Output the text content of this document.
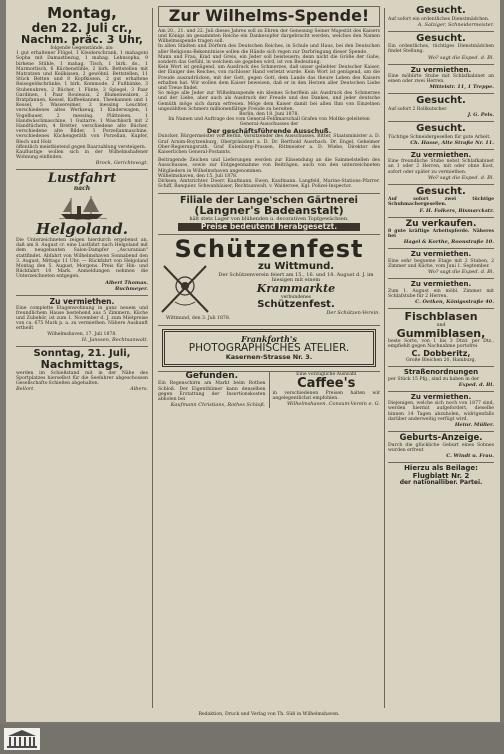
Montag,
den 22. Juli cr.,
Nachm. präc. 3 Uhr,
folgende Gegenstände, als:
1 gut erhaltener Flügel, 1 Kleiderschrank, 1 mahagoni Sopha mit Damastbezug, 1 mahag. Lehnsopha, 9 birkene Stühle, 1 mahag. Tisch, 1 birk. do., 1 Marmortisch, 6 Küchenstühle, 2 birk. Bettstellen mit Matratzen und Keilkissen, 2 gewöhnl. Bettstellen, 11 Stück Betten und 8 Kopfkissen, 2 gut erhaltene Reisegeldschränke, 1 birk. Kommode, 2 Fußbänke, 3 Stubenuhren, 2 Bücher, 1 Flinte, 3 Spiegel, 3 Paar Gardinen, 1 Paar Rouleaux, 2 Blumenwalzen, 2 Bratpfannen, Kessel, Kaffeekannen, Theekannen und 1 Kessel, 5 Wassereimer, 2 messing Leuchter, verschiedenes altes Werkzeug, 1 Kinderwagen, 1 Vogelbauer, 2 messing. Plätteisen, 1 Handwäschmaschine, 1 Guitarre, 1 Waschkorb mit 2 Handtüchern, 4 Bretter, verschiedene alte Bücher, verschiedene alte Bilder, 1 Porzellanmaschine, verschiedenes Küchengeräth von Porzellan, Kupfer, Blech und Holz
öffentlich meistbietend gegen Baarzahlung versteigern.
Kauflustige wollen sich in der Wilhelmshafener Wohnung einfinden.
Brock, Gerichtsvogt.
Lustfahrt
nach
Helgoland.
Die Unterzeichneten zeigen hierdurch ergebenst an, daß am 8. August cr. eine Lustfahrt nach Helgoland mit dem neugebauten Salon-Dampfer „Ascuranian" stattfindet. Abfahrt von Wilhelmshaven Sonnabend den 3. August, Mittags 11 Uhr. — Rückfahrt von Helgoland Montag den 5. August, Morgens. Preis für Hin- und Rückfahrt 10 Mark. Anmeldungen nehmen die Unterzeichneten entgegen.
Albert Thomas.
Buchmeyer.
Zu vermiethen.
Eine complette Etagenwohnung in ganz neuem und freundlichem Hause bestehend aus 5 Zimmern, Küche und Zubehör, ist zum 1. November d. J. zum Mietpreise von ca. 675 Mark p. a. zu vermiethen. Nähere Auskunft ertheilt
Wilhelmshaven, 17. Juli 1878.
H. Janssen, Rechtsanwalt.
Sonntag, 21. Juli,
Nachmittags,
werden im Schießstand mit in der Nähe des Sportplatzes hierselbst für die Seefahrer abgeschossen Gesellschafts-Schießen abgehalten.
Bellort.	Albers.
Zur Wilhelms-Spende!
Am 20., 21. und 22. Juli dieses Jahres soll zu Ehren der Genesung Seiner Majestät des Kaisers und Königs im gesammten Reiche ein Dankesopfer dargebracht werden, welches den Namen Wilhelmsspende tragen soll.
In allen Städten und Dörfern des Deutschen Reiches, in Schule und Haus, bei den Deutschen aller Religions-Bekenntnisse sollen die Hände sich regen zur Darbringung dieser Spende.
Mann und Frau, Kind und Greis, ein Jeder soll beisteuern; denn nicht die Größe der Gabe, sondern das Gefühl, in welchem sie gegeben wird, ist von Bedeutung.
Kein Wort ist genügend, um Ausdruck des Schmerzes, daß unser geliebter Deutscher Kaiser, der Einiger des Reiches, von ruchloser Hand verletzt wurde. Kein Wort ist genügend, um die Freude auszudrücken, mit der Gott, gegen Gott, dem Lande das theure Leben des Kaisers erhalten hat. Wir wollen dem Kaiser beweisen, daß er in den Herzen aller Deutschen Liebe und Treue findet.
So möge alle Jeder zur Wilhelmsspende ein kleines Scherflein als Ausdruck des Schmerzes und der Liebe, aber auch als Ausdruck der Freude und des Dankes, und jeder deutsche Gemüth möge sich daran erfreuen. Möge dem Kaiser damit bei allen Ihm von Einzelnen ungezählten Schmerz millionenfältige Freude zu bereiten.
Berlin, den 18. Juni 1878.
Im Namen und Auftrage des vom General-Feldmarschall Grafen von Moltke geleiteten General-Ausschusses der
Der geschäftsführende Ausschuß.
Duncker, Bürgermeister von Berlin, Vorsitzender des Ausschusses. Bitter, Staatsminister a. D. Graf Arnim-Boytzenburg, Oberpräsident a. D. Dr. Berthold Auerbach. Dr. Engel, Geheimer Ober-Regierungsrath. Graf Eulenburg-Prassen, Rittmeister a. D. Wiebe, Direktor des Kaiserlichen General-Postamts.
Beitragende Zeichen und Lieferungen werden zur Einsendung an die Sammelstellen des Ausschusses, sowie zur Entgegennahme von Beiträgen, auch von den unterzeichneten Mitgliedern in Wilhelmshaven angenommen.
Wilhelmshaven, den 15. Juli 1878.
Dirksen, Amtsrichter. Doerr, Kaufmann. Ewen, Kaufmann. Langfeld, Marine-Stations-Pfarrer. Schiff, Banquier. Schwanhäuser, Rechtsanwalt. v. Waldersee, Kgl. Polizei-Inspector.
Filiale der Lange'schen Gärtnerei
(Langner's Badeanstalt)
hält stets Lager von blühenden u. decorativen Topfgewächsen.
Preise bedeutend herabgesetzt.
Schützenfest
zu Wittmund.
Der Schützenverein feiert am 15., 16. und 18. August d. J. im hiesigen mit einem
Krammarkte
verbundenes
Schützenfest.
Der Schützen-Verein.
Wittmund, den 3. Juli 1878.
Frankforth's
PHOTOGRAPHISCHES ATELIER.
Kasernen-Strasse Nr. 3.
Gefunden.
Ein Regenschirm am Markt beim Rothen Schloß. Der Eigenthümer kann denselben gegen Erstattung der Insertionskosten abholen bei
Kaufmann Christians, Rothes Schloß.
Eine vorzügliche Auswahl
Caffee's
in verschiedenen Preisen halten wir angelegentlichst empfohlen.
Wilhelmshaven. Consum-Verein e. G.
Gesucht.
Auf sofort ein ordentliches Dienstmädchen.
A. Salziger, Schneidermeister.
Gesucht.
Ein ordentliches, tüchtiges Dienstmädchen findet Stellung.
Wo? sagt die Exped. d. Bl.
Zu vermiethen.
Eine möblirte Stube mit Schlafkabinet an einen oder zwei Herren.
Mittelstr. 11, 1 Treppe.
Gesucht.
Auf sofort 2 Rollkutscher.
J. G. Pels.
Gesucht.
Tüchtige Schneidergesellen für gute Arbeit.
Ch. Hasse, Alte Straße Nr. 11.
Zu vermiethen.
Eine freundliche Stube nebst Schlafkabinet an 1 oder 2 Herren, mit oder ohne Kost, sofort oder später zu vermiethen.
Wo? sagt die Exped. d. Bl.
Gesucht.
Auf sofort zwei tüchtige Schuhmachergesellen.
F. H. Folkers, Bismarckstr.
Zu verkaufen.
8 gute kräftige Arbeitspferde. Näheres bei
Hagel & Korthe, Roonstraße 10.
Zu vermiethen.
Eine sehr bequeme Etage mit 2 Stuben, 2 Zimmer und Küche, vom Juni 1. September.
Wo? sagt die Exped. d. Bl.
Zu vermiethen.
Zum 1. August ein möbl. Zimmer mit Schlafstube für 2 Herren.
C. Oetken, Königsstraße 40.
Fischblasen
und
Gummiblasen,
beste Sorte, von 1 bis 3 Dtzd. per Dtz., empfiehlt gegen Nachnahme portofrei
C. Dobberitz,
Große Bleichen 20, Hamburg.
Straßenordnungen
per Stück 15 Pfg., sind zu haben in der
Exped. d. Bl.
Zu vermiethen.
Diejenigen, welche sich noch von 1877 sind, werden hiermit aufgefordert, dieselbe binnen 14 Tagen abzuholen, widrigenfalls darüber anderweitig verfügt wird.
Heinr. Müller.
Geburts-Anzeige.
Durch die glückliche Geburt eines Sohnes wurden erfreut
C. Windt u. Frau.
Hierzu als Beilage:
Flugblatt Nr. 2
der nationalliber. Partei.
Redaktion, Druck und Verlag von Th. Süß in Wilhelmshaven.
